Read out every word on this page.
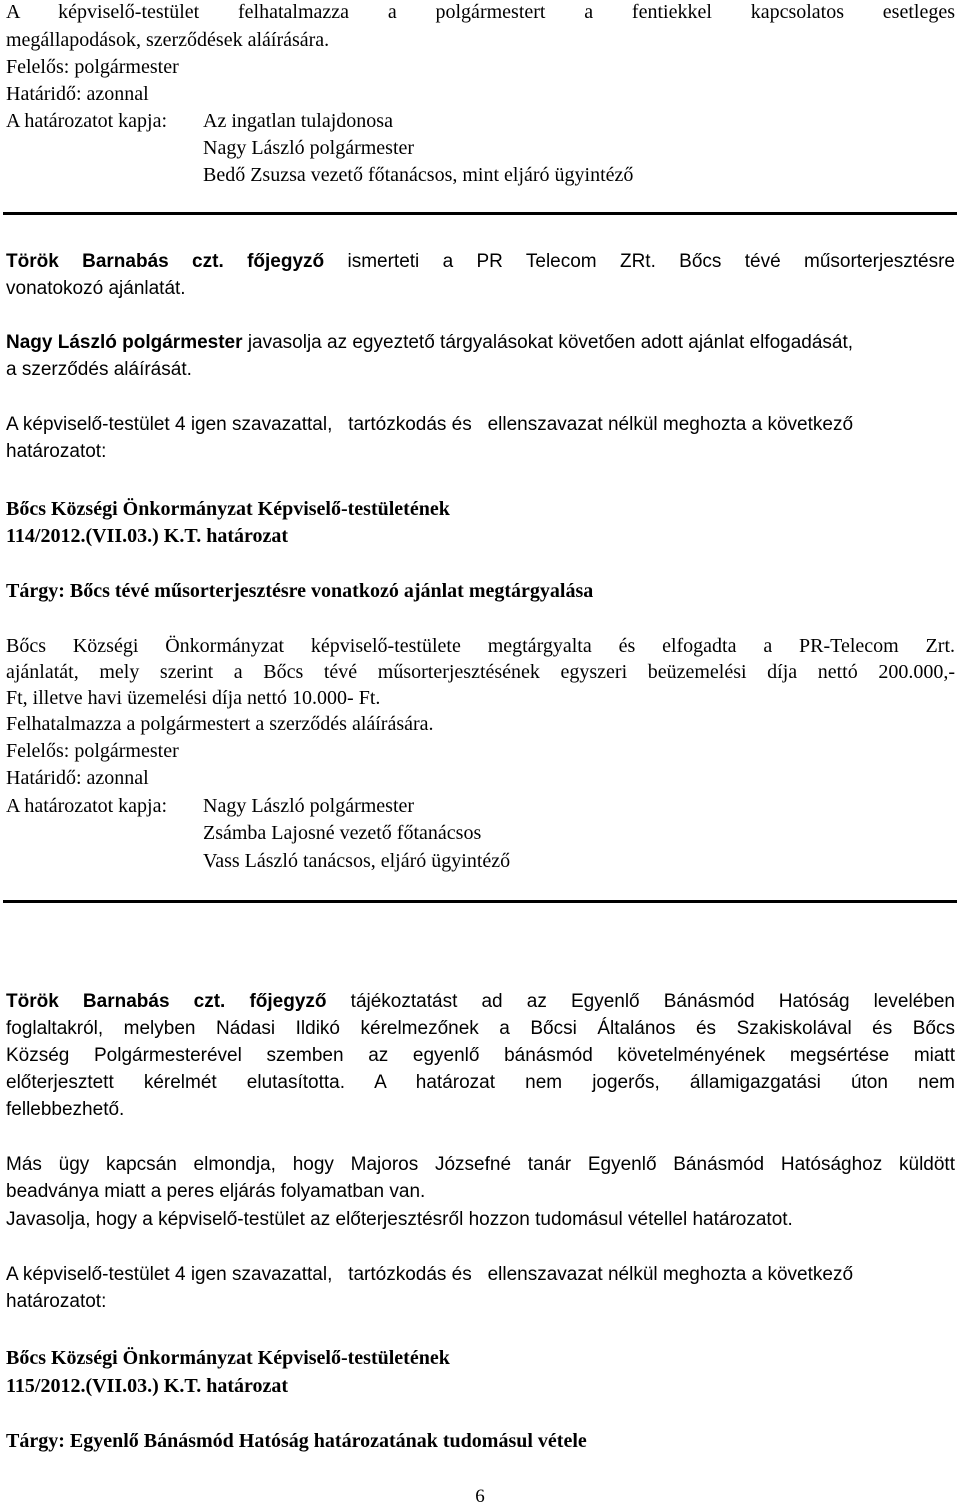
A képviselő-testület felhatalmazza a polgármestert a fentiekkel kapcsolatos esetleges

megállapodások, szerződések aláírására.

Felelős: polgármester

Határidő: azonnal

A határozatot kapja:	Az ingatlan tulajdonosa

Nagy László polgármester

Bedő Zsuzsa vezető főtanácsos, mint eljáró ügyintéző

Török Barnabás czt. főjegyző ismerteti a PR Telecom ZRt. Bőcs tévé műsorterjesztésre

vonatokozó ajánlatát.

Nagy László polgármester javasolja az egyeztető tárgyalásokat követően adott ajánlat elfogadását,

a szerződés aláírását.

A képviselő-testület 4 igen szavazattal,   tartózkodás és   ellenszavazat nélkül meghozta a következő

határozatot:

Bőcs Községi Önkormányzat Képviselő-testületének

114/2012.(VII.03.) K.T. határozat

Tárgy: Bőcs tévé műsorterjesztésre vonatkozó ajánlat megtárgyalása

Bőcs Községi Önkormányzat képviselő-testülete megtárgyalta és elfogadta a PR-Telecom Zrt.

ajánlatát, mely szerint a Bőcs tévé műsorterjesztésének egyszeri beüzemelési díja nettó 200.000,-

Ft, illetve havi üzemelési díja nettó 10.000- Ft.

Felhatalmazza a polgármestert a szerződés aláírására.

Felelős: polgármester

Határidő: azonnal

A határozatot kapja:	Nagy László polgármester

Zsámba Lajosné vezető főtanácsos

Vass László tanácsos, eljáró ügyintéző

Török Barnabás czt. főjegyző tájékoztatást ad az Egyenlő Bánásmód Hatóság levelében

foglaltakról, melyben Nádasi Ildikó kérelmezőnek a Bőcsi Általános és Szakiskolával és Bőcs

Község Polgármesterével szemben az egyenlő bánásmód követelményének megsértése miatt

előterjesztett kérelmét elutasította. A határozat nem jogerős, államigazgatási úton nem

fellebbezhető.

Más ügy kapcsán elmondja, hogy Majoros Józsefné tanár Egyenlő Bánásmód Hatósághoz küldött

beadványa miatt a peres eljárás folyamatban van.

Javasolja, hogy a képviselő-testület az előterjesztésről hozzon tudomásul vétellel határozatot.

A képviselő-testület 4 igen szavazattal,   tartózkodás és   ellenszavazat nélkül meghozta a következő

határozatot:

Bőcs Községi Önkormányzat Képviselő-testületének

115/2012.(VII.03.) K.T. határozat

Tárgy: Egyenlő Bánásmód Hatóság határozatának tudomásul vétele

6
